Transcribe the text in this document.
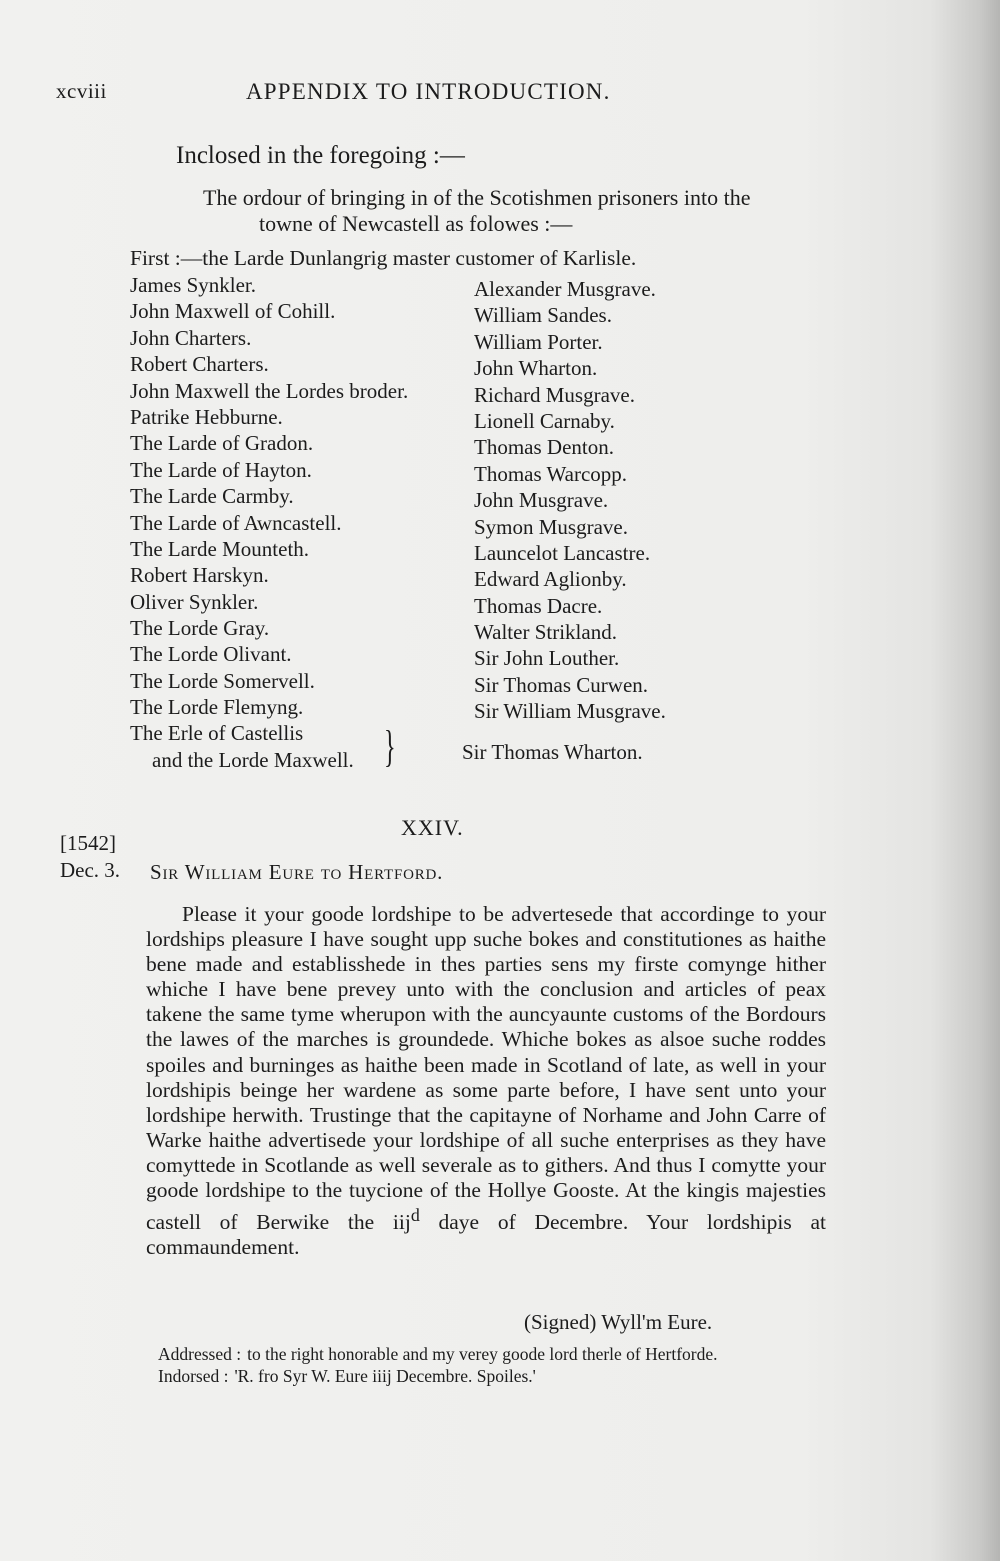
xcviii	APPENDIX TO INTRODUCTION.
Inclosed in the foregoing :—
The ordour of bringing in of the Scotishmen prisoners into the
towne of Newcastell as folowes :—
First :—the Larde Dunlangrig master customer of Karlisle.
James Synkler.
John Maxwell of Cohill.
John Charters.
Robert Charters.
John Maxwell the Lordes broder.
Patrike Hebburne.
The Larde of Gradon.
The Larde of Hayton.
The Larde Carmby.
The Larde of Awncastell.
The Larde Mounteth.
Robert Harskyn.
Oliver Synkler.
The Lorde Gray.
The Lorde Olivant.
The Lorde Somervell.
The Lorde Flemyng.
Alexander Musgrave.
William Sandes.
William Porter.
John Wharton.
Richard Musgrave.
Lionell Carnaby.
Thomas Denton.
Thomas Warcopp.
John Musgrave.
Symon Musgrave.
Launcelot Lancastre.
Edward Aglionby.
Thomas Dacre.
Walter Strikland.
Sir John Louther.
Sir Thomas Curwen.
Sir William Musgrave.
The Erle of Castellis
and the Lorde Maxwell. }	Sir Thomas Wharton.
XXIV.
[1542]
Dec. 3. Sir William Eure to Hertford.

Please it your goode lordshipe to be advertesede that accordinge to your lordships pleasure I have sought upp suche bokes and constitutiones as haithe bene made and establisshede in thes parties sens my firste comynge hither whiche I have bene prevey unto with the conclusion and articles of peax takene the same tyme wherupon with the auncyaunte customs of the Bordours the lawes of the marches is groundede. Whiche bokes as alsoe suche roddes spoiles and burninges as haithe been made in Scotland of late, as well in your lordshipis beinge her wardene as some parte before, I have sent unto your lordshipe herwith. Trustinge that the capitayne of Norhame and John Carre of Warke haithe advertisede your lordshipe of all suche enterprises as they have comyttede in Scotlande as well severale as to githers. And thus I comytte your goode lordshipe to the tuycione of the Hollye Gooste. At the kingis majesties castell of Berwike the iij$^d$ daye of Decembre. Your lordshipis at commaundement.

(Signed) Wyll'm Eure.
Addressed : to the right honorable and my verey goode lord therle of Hertforde.
Indorsed : 'R. fro Syr W. Eure iiij Decembre. Spoiles.'
